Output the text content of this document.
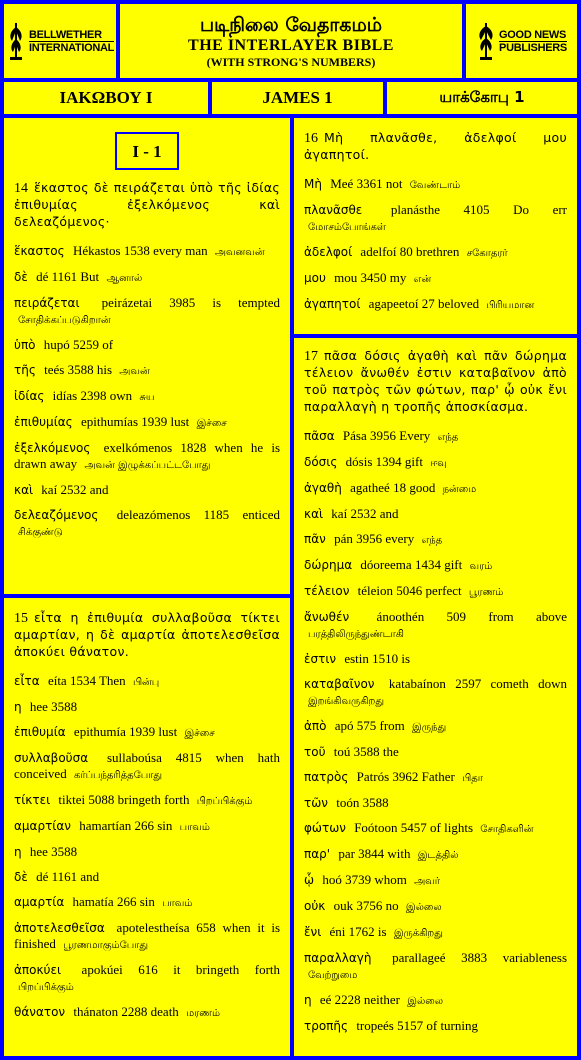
BELLWETHER
INTERNATIONAL
படிநிலை வேதாகமம்
THE INTERLAYER BIBLE
(WITH STRONG'S NUMBERS)
GOOD NEWS
PUBLISHERS
ΙΑΚΩΒΟΥ Ι	JAMES 1	யாக்கோபு 1
I - 1
14 ἕκαστος δὲ πειράζεται ὑπὸ τῆς ἰδίας ἐπιθυμίας ἐξελκόμενος καὶ δελεαζόμενος·
ἕκαστος Hékastos 1538 every man அவனவன்
δὲ dé 1161 But ஆனால்
πειράζεται peirázetai 3985 is tempted சோதிக்கப்படுகிறான்
ὑπὸ hupó 5259 of
τῆς teés 3588 his அவன்
ἰδίας idías 2398 own சுய
ἐπιθυμίας epithumías 1939 lust இச்சை
ἐξελκόμενος exelkómenos 1828 when he is drawn away அவன் இழுக்கப்பட்டபோது
καὶ kaí 2532 and
δελεαζόμενος deleazómenos 1185 enticed சிக்குண்டு
15 εἶτα η ἐπιθυμία συλλαβοῦσα τίκτει αμαρτίαν, η δὲ αμαρτία ἀποτελεσθεῖσα ἀποκύει θάνατον.
εἶτα eíta 1534 Then பின்பு
η hee 3588
ἐπιθυμία epithumía 1939 lust இச்சை
συλλαβοῦσα sullaboúsa 4815 when hath conceived கர்ப்பந்தரித்தபோது
τίκτει tiktei 5088 bringeth forth பிறப்பிக்கும்
αμαρτίαν hamartían 266 sin பாவம்
η hee 3588
δὲ dé 1161 and
αμαρτία hamatía 266 sin பாவம்
ἀποτελεσθεῖσα apotelestheísa 658 when it is finished பூரணமாகும்போது
ἀποκύει apokúei 616 it bringeth forth பிறப்பிக்கும்
θάνατον thánaton 2288 death மரணம்
16 Μὴ πλανᾶσθε, ἀδελφοί μου ἀγαπητοί.
Μὴ Meé 3361 not வேண்டாம்
πλανᾶσθε planásthe 4105 Do err மோசம்போங்கள்
ἀδελφοί adelfoí 80 brethren சகோதரர்
μου mou 3450 my என்
ἀγαπητοί agapeetoí 27 beloved பிரியமான
17 πᾶσα δόσις ἀγαθὴ καὶ πᾶν δώρημα τέλειον ἄνωθέν ἐστιν καταβαῖνον ἀπὸ τοῦ πατρὸς τῶν φώτων, παρ' ᾧ οὐκ ἔνι παραλλαγὴ η τροπῆς ἀποσκίασμα.
πᾶσα Pása 3956 Every எந்த
δόσις dósis 1394 gift ஈவு
ἀγαθὴ agatheé 18 good நன்மை
καὶ kaí 2532 and
πᾶν pán 3956 every எந்த
δώρημα dóoreema 1434 gift வரம்
τέλειον téleion 5046 perfect பூரணம்
ἄνωθέν ánoothén 509 from above பரத்திலிருந்துண்டாகி
ἐστιν estin 1510 is
καταβαῖνον katabaínon 2597 cometh down இறங்கிவருகிறது
ἀπὸ apó 575 from இருந்து
τοῦ toú 3588 the
πατρὸς Patrós 3962 Father பிதா
τῶν toón 3588
φώτων Foótoon 5457 of lights சோதிகளின்
παρ' par 3844 with இடத்தில்
ᾧ hoó 3739 whom அவர்
οὐκ ouk 3756 no இல்லை
ἔνι éni 1762 is இருக்கிறது
παραλλαγὴ parallageé 3883 variableness வேற்றுமை
η eé 2228 neither இல்லை
τροπῆς tropeés 5157 of turning
